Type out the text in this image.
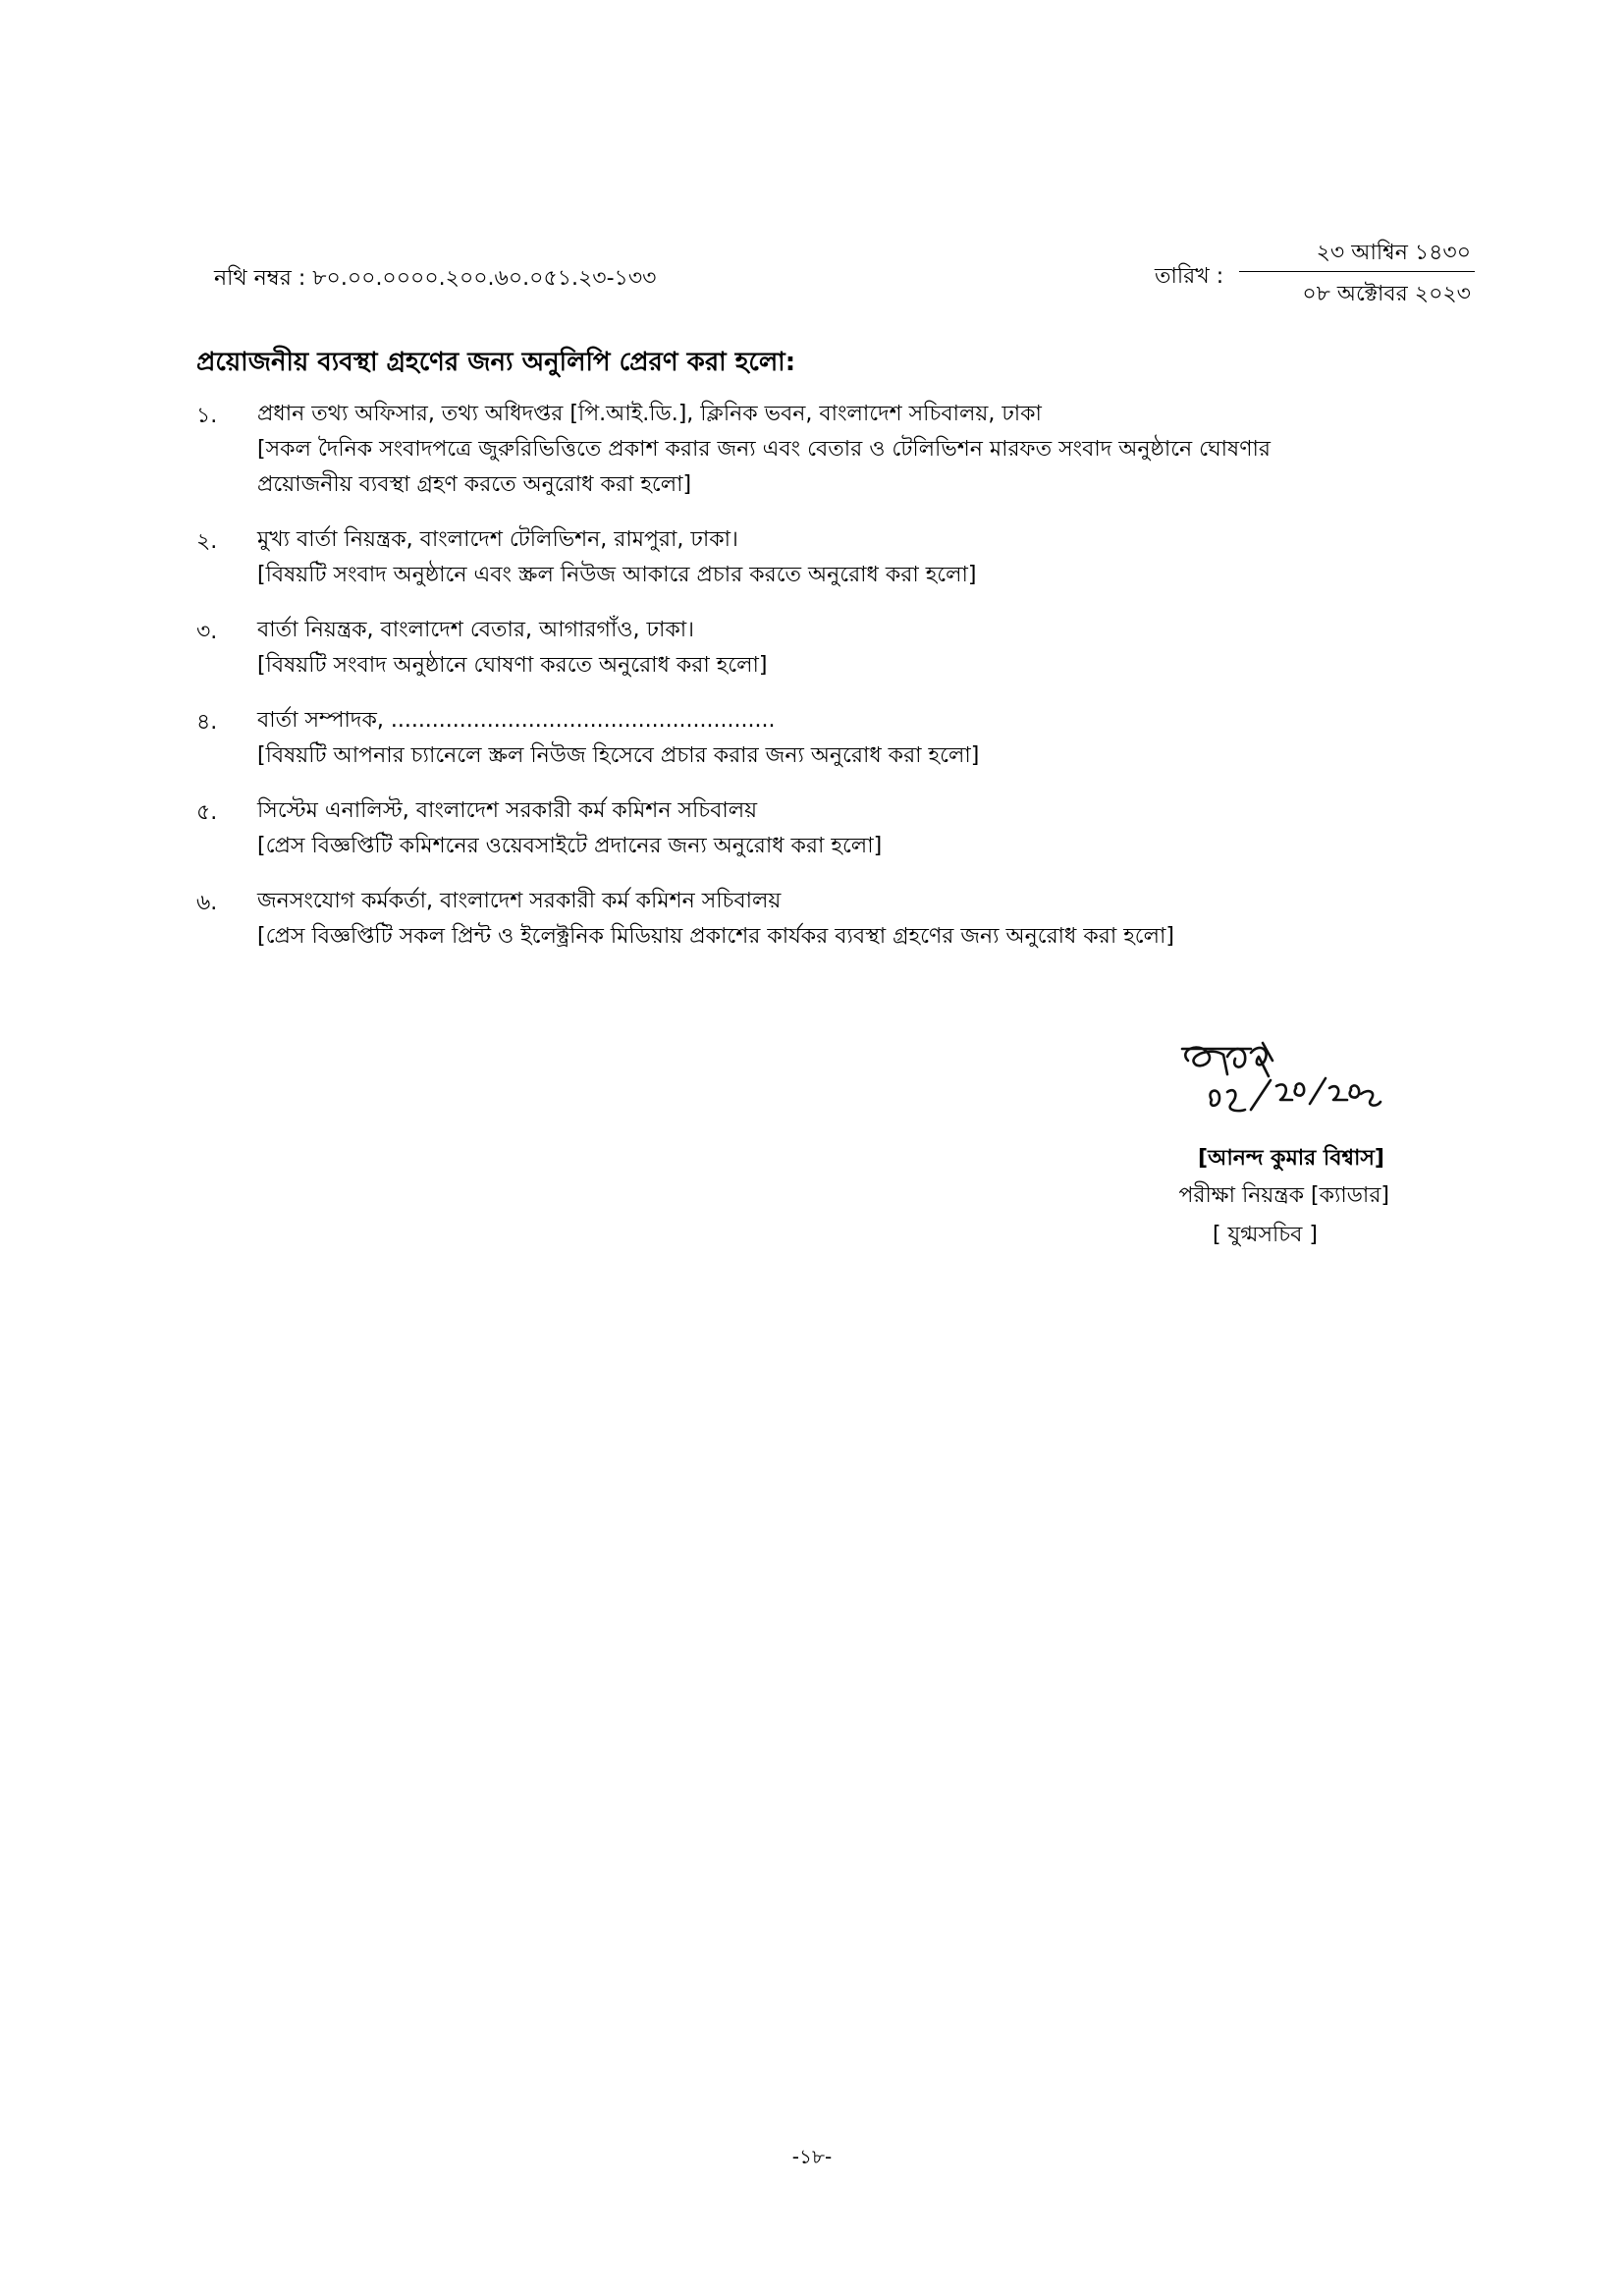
নথি নম্বর : ৮০.০০.০০০০.২০০.৬০.০৫১.২৩-১৩৩	তারিখ :
২৩ আশ্বিন ১৪৩০
০৮ অক্টোবর ২০২৩
প্রয়োজনীয় ব্যবস্থা গ্রহণের জন্য অনুলিপি প্রেরণ করা হলো:
১. প্রধান তথ্য অফিসার, তথ্য অধিদপ্তর [পি.আই.ডি.], ক্লিনিক ভবন, বাংলাদেশ সচিবালয়, ঢাকা
[সকল দৈনিক সংবাদপত্রে জুরুরিভিত্তিতে প্রকাশ করার জন্য এবং বেতার ও টেলিভিশন মারফত সংবাদ অনুষ্ঠানে ঘোষণার প্রয়োজনীয় ব্যবস্থা গ্রহণ করতে অনুরোধ করা হলো]
২. মুখ্য বার্তা নিয়ন্ত্রক, বাংলাদেশ টেলিভিশন, রামপুরা, ঢাকা।
[বিষয়টি সংবাদ অনুষ্ঠানে এবং স্ক্রল নিউজ আকারে প্রচার করতে অনুরোধ করা হলো]
৩. বার্তা নিয়ন্ত্রক, বাংলাদেশ বেতার, আগারগাঁও, ঢাকা।
[বিষয়টি সংবাদ অনুষ্ঠানে ঘোষণা করতে অনুরোধ করা হলো]
৪. বার্তা সম্পাদক, ........................................................
[বিষয়টি আপনার চ্যানেলে স্ক্রল নিউজ হিসেবে প্রচার করার জন্য অনুরোধ করা হলো]
৫. সিস্টেম এনালিস্ট, বাংলাদেশ সরকারী কর্ম কমিশন সচিবালয়
[প্রেস বিজ্ঞপ্তিটি কমিশনের ওয়েবসাইটে প্রদানের জন্য অনুরোধ করা হলো]
৬. জনসংযোগ কর্মকর্তা, বাংলাদেশ সরকারী কর্ম কমিশন সচিবালয়
[প্রেস বিজ্ঞপ্তিটি সকল প্রিন্ট ও ইলেক্ট্রনিক মিডিয়ায় প্রকাশের কার্যকর ব্যবস্থা গ্রহণের জন্য অনুরোধ করা হলো]
[আনন্দ কুমার বিশ্বাস]
পরীক্ষা নিয়ন্ত্রক [ক্যাডার]
[ যুগ্মসচিব ]
-১৮-
